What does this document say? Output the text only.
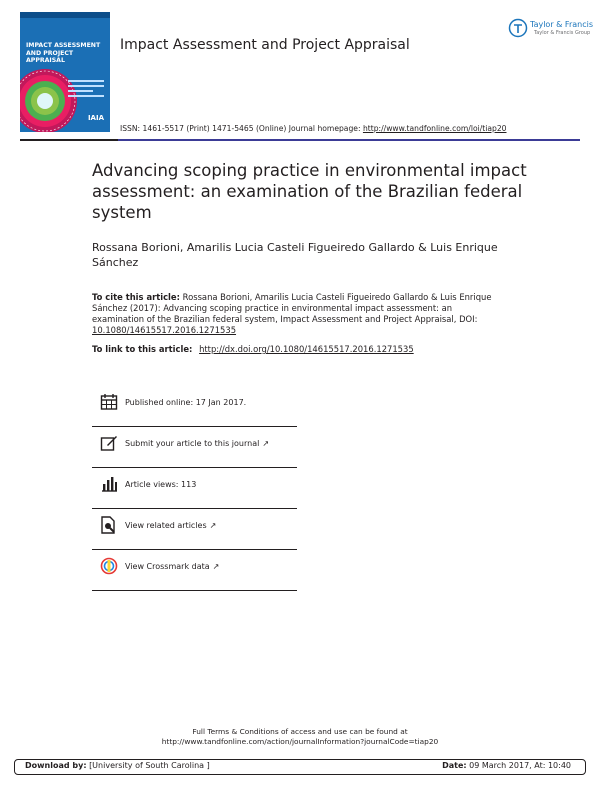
IMPACT ASSESSMENT
AND PROJECT APPRAISAL
IAIA
Impact Assessment and Project Appraisal
Taylor & Francis
Taylor & Francis Group
ISSN: 1461-5517 (Print) 1471-5465 (Online) Journal homepage: http://www.tandfonline.com/loi/tiap20
Advancing scoping practice in environmental impact assessment: an examination of the Brazilian federal system
Rossana Borioni, Amarilis Lucia Casteli Figueiredo Gallardo & Luis Enrique Sánchez
To cite this article: Rossana Borioni, Amarilis Lucia Casteli Figueiredo Gallardo & Luis Enrique Sánchez (2017): Advancing scoping practice in environmental impact assessment: an examination of the Brazilian federal system, Impact Assessment and Project Appraisal, DOI: 10.1080/14615517.2016.1271535
To link to this article: http://dx.doi.org/10.1080/14615517.2016.1271535
Published online: 17 Jan 2017.
Submit your article to this journal ↗
Article views: 113
View related articles ↗
View Crossmark data ↗
Full Terms & Conditions of access and use can be found at
http://www.tandfonline.com/action/journalInformation?journalCode=tiap20
Download by: [University of South Carolina ]	Date: 09 March 2017, At: 10:40
